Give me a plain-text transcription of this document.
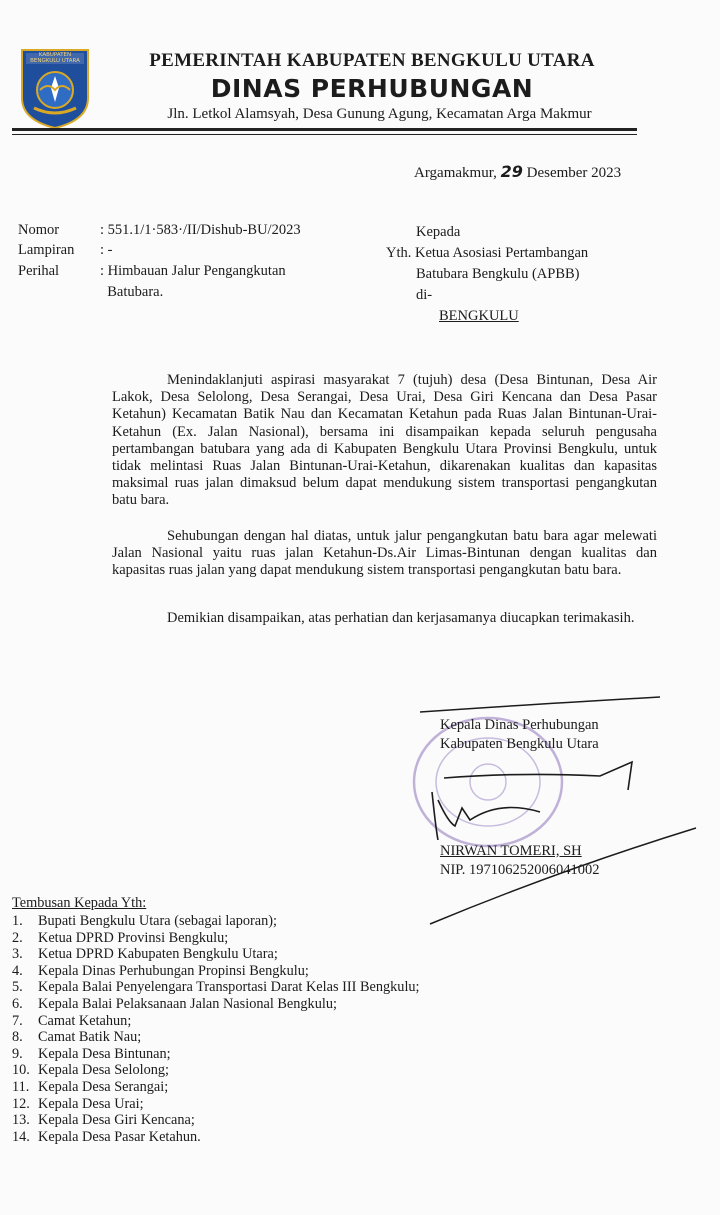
KABUPATEN BENGKULU UTARA	PEMERINTAH KABUPATEN BENGKULU UTARA
DINAS PERHUBUNGAN
Jln. Letkol Alamsyah, Desa Gunung Agung, Kecamatan Arga Makmur
Argamakmur, 29 Desember 2023
Nomor	: 551.1/1·583·/II/Dishub-BU/2023
Lampiran : -
Perihal	: Himbauan Jalur Pengangkutan
Batubara.
Kepada
Yth. Ketua Asosiasi Pertambangan
Batubara Bengkulu (APBB)
di-
BENGKULU

Menindaklanjuti aspirasi masyarakat 7 (tujuh) desa (Desa Bintunan, Desa Air Lakok, Desa Selolong, Desa Serangai, Desa Urai, Desa Giri Kencana dan Desa Pasar Ketahun) Kecamatan Batik Nau dan Kecamatan Ketahun pada Ruas Jalan Bintunan-Urai-Ketahun (Ex. Jalan Nasional), bersama ini disampaikan kepada seluruh pengusaha pertambangan batubara yang ada di Kabupaten Bengkulu Utara Provinsi Bengkulu, untuk tidak melintasi Ruas Jalan Bintunan-Urai-Ketahun, dikarenakan kualitas dan kapasitas maksimal ruas jalan dimaksud belum dapat mendukung sistem transportasi pengangkutan batu bara.

Sehubungan dengan hal diatas, untuk jalur pengangkutan batu bara agar melewati Jalan Nasional yaitu ruas jalan Ketahun-Ds.Air Limas-Bintunan dengan kualitas dan kapasitas ruas jalan yang dapat mendukung sistem transportasi pengangkutan batu bara.

Demikian disampaikan, atas perhatian dan kerjasamanya diucapkan terimakasih.

Kepala Dinas Perhubungan
Kabupaten Bengkulu Utara
NIRWAN TOMERI, SH
NIP. 197106252006041002
Tembusan Kepada Yth:
1. Bupati Bengkulu Utara (sebagai laporan);
2. Ketua DPRD Provinsi Bengkulu;
3. Ketua DPRD Kabupaten Bengkulu Utara;
4. Kepala Dinas Perhubungan Propinsi Bengkulu;
5. Kepala Balai Penyelengara Transportasi Darat Kelas III Bengkulu;
6. Kepala Balai Pelaksanaan Jalan Nasional Bengkulu;
7. Camat Ketahun;
8. Camat Batik Nau;
9. Kepala Desa Bintunan;
10. Kepala Desa Selolong;
11. Kepala Desa Serangai;
12. Kepala Desa Urai;
13. Kepala Desa Giri Kencana;
14. Kepala Desa Pasar Ketahun.
